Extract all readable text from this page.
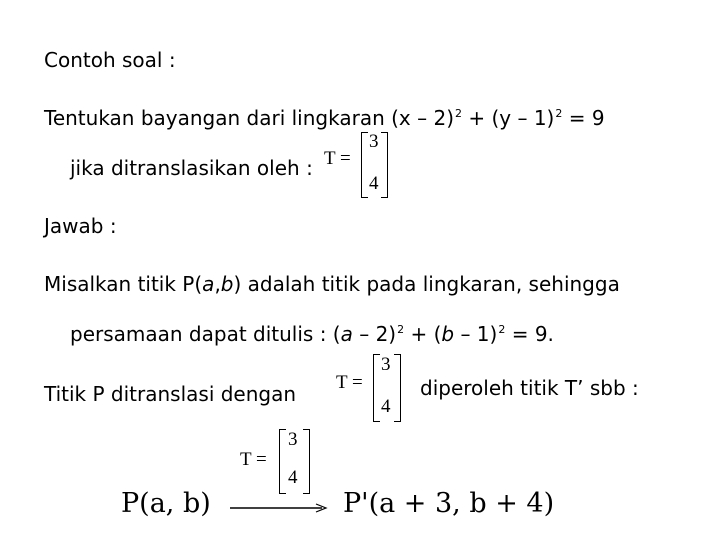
Contoh soal :
Tentukan bayangan dari lingkaran (x – 2)$^2$ + (y – 1)$^2$ = 9
jika ditranslasikan oleh : T =
3
4
Jawab :
Misalkan titik P(a,b) adalah titik pada lingkaran, sehingga
persamaan dapat ditulis : (a – 2)$^2$ + (b – 1)$^2$ = 9.
Titik P ditranslasi dengan T =
3
4
diperoleh titik T’ sbb :
T =
3
4
P(a, b)	P'(a + 3, b + 4)
